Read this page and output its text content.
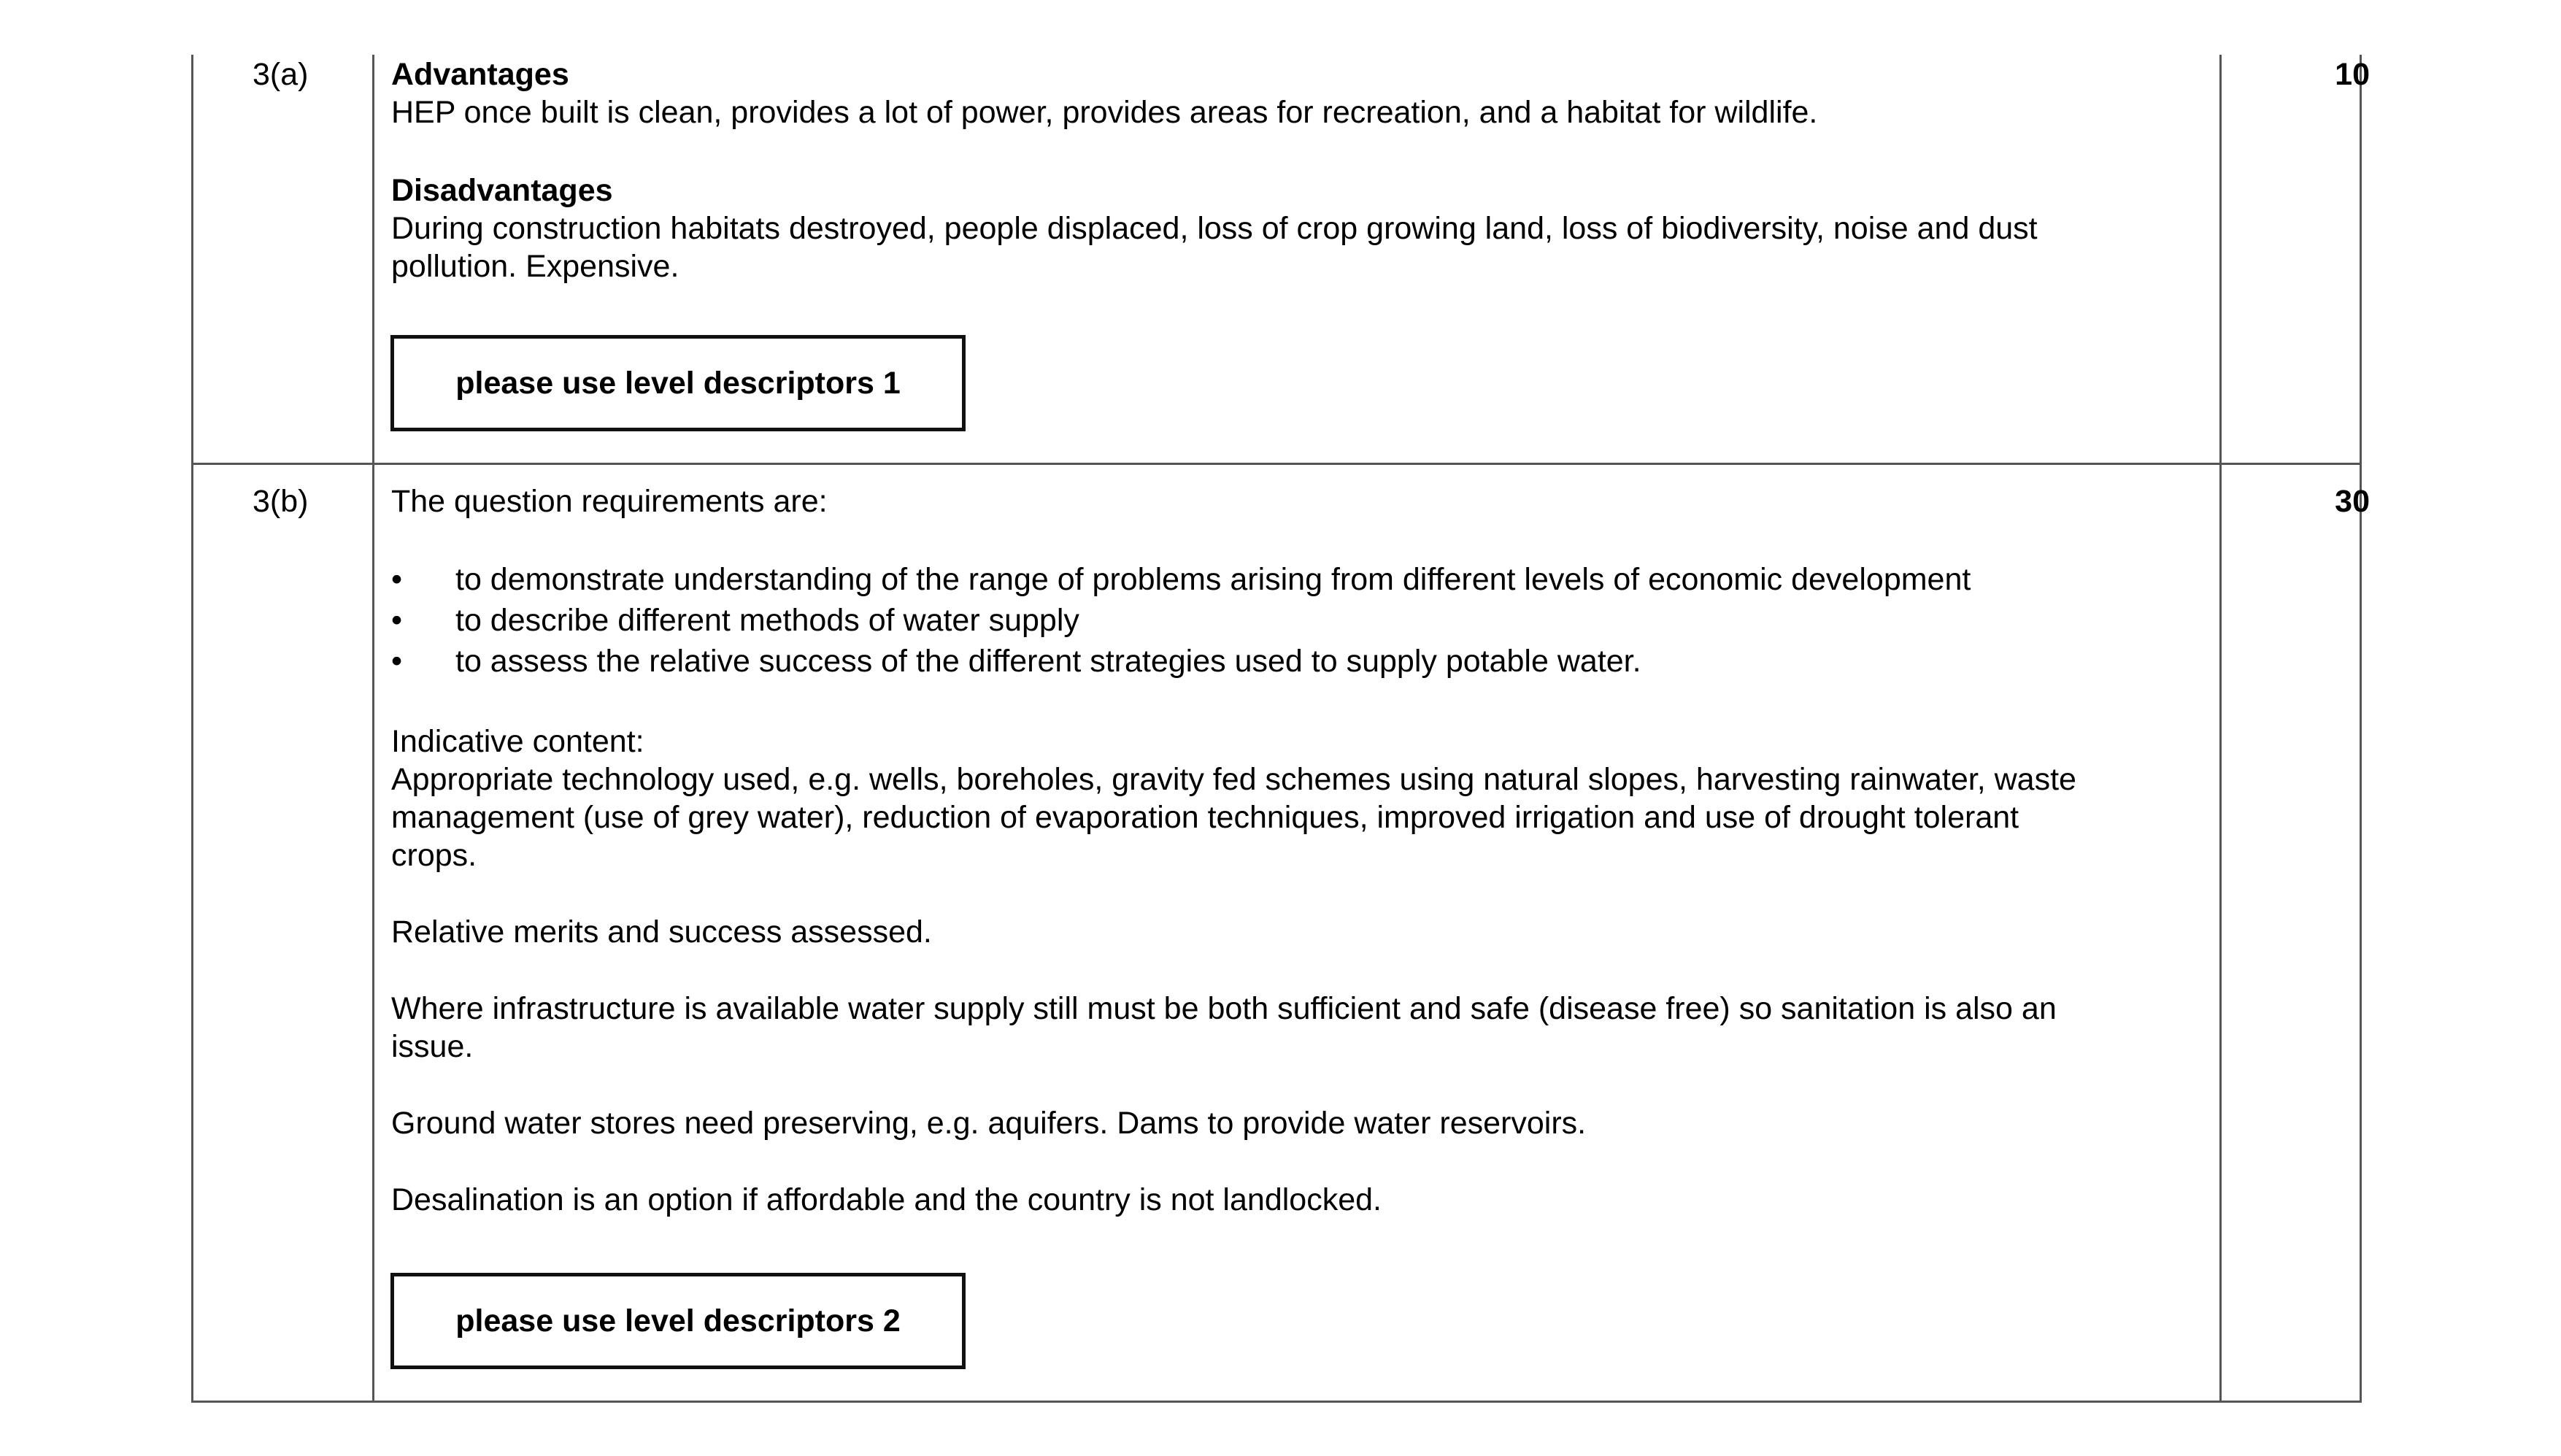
3(a)	10
Advantages
HEP once built is clean, provides a lot of power, provides areas for recreation, and a habitat for wildlife.
Disadvantages
During construction habitats destroyed, people displaced, loss of crop growing land, loss of biodiversity, noise and dust
pollution. Expensive.
please use level descriptors 1
3(b)	30
The question requirements are:
• to demonstrate understanding of the range of problems arising from different levels of economic development
• to describe different methods of water supply
• to assess the relative success of the different strategies used to supply potable water.
Indicative content:
Appropriate technology used, e.g. wells, boreholes, gravity fed schemes using natural slopes, harvesting rainwater, waste
management (use of grey water), reduction of evaporation techniques, improved irrigation and use of drought tolerant
crops.
Relative merits and success assessed.
Where infrastructure is available water supply still must be both sufficient and safe (disease free) so sanitation is also an
issue.
Ground water stores need preserving, e.g. aquifers. Dams to provide water reservoirs.
Desalination is an option if affordable and the country is not landlocked.
please use level descriptors 2
